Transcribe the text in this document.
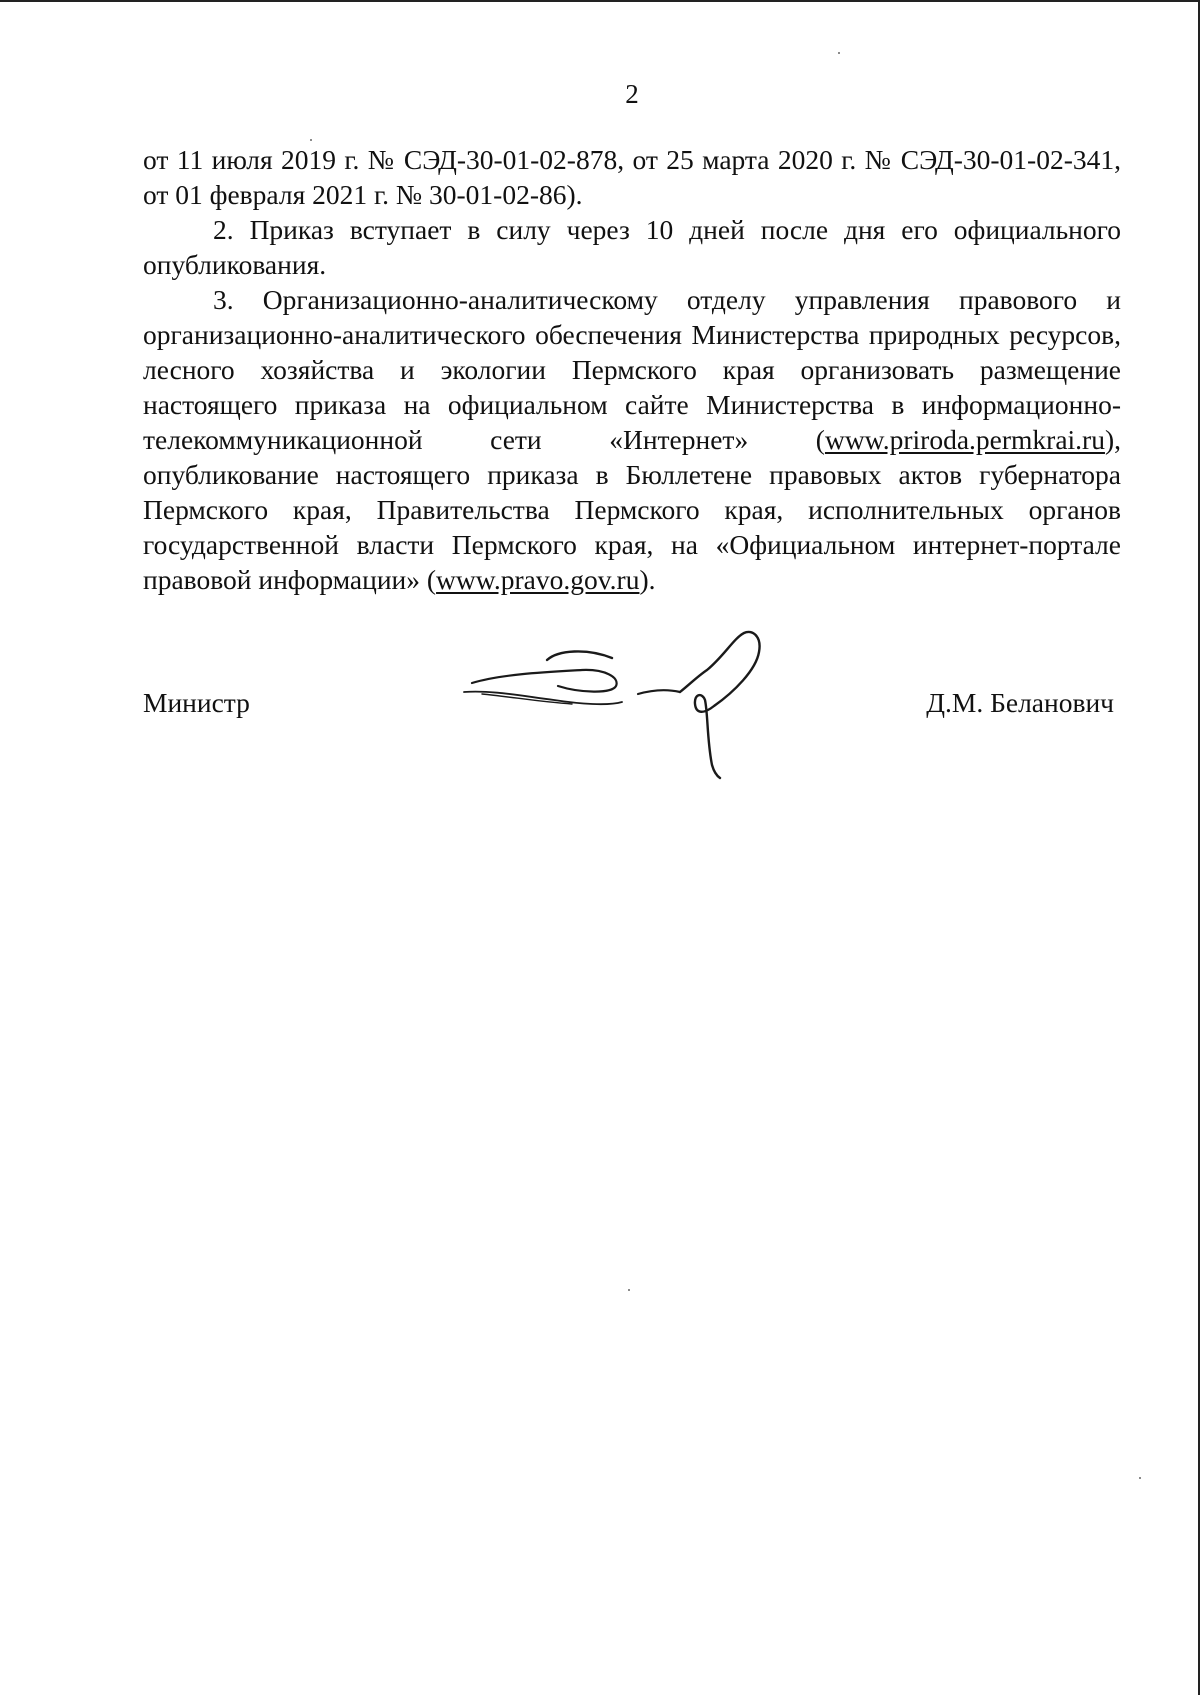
2

от 11 июля 2019 г. № СЭД-30-01-02-878, от 25 марта 2020 г. № СЭД-30-01-02-341, от 01 февраля 2021 г. № 30-01-02-86).

2. Приказ вступает в силу через 10 дней после дня его официального опубликования.

3. Организационно-аналитическому отделу управления правового и организационно-аналитического обеспечения Министерства природных ресурсов, лесного хозяйства и экологии Пермского края организовать размещение настоящего приказа на официальном сайте Министерства в информационно-телекоммуникационной сети «Интернет» (www.priroda.permkrai.ru), опубликование настоящего приказа в Бюллетене правовых актов губернатора Пермского края, Правительства Пермского края, исполнительных органов государственной власти Пермского края, на «Официальном интернет-портале правовой информации» (www.pravo.gov.ru).

Министр	Д.М. Беланович
